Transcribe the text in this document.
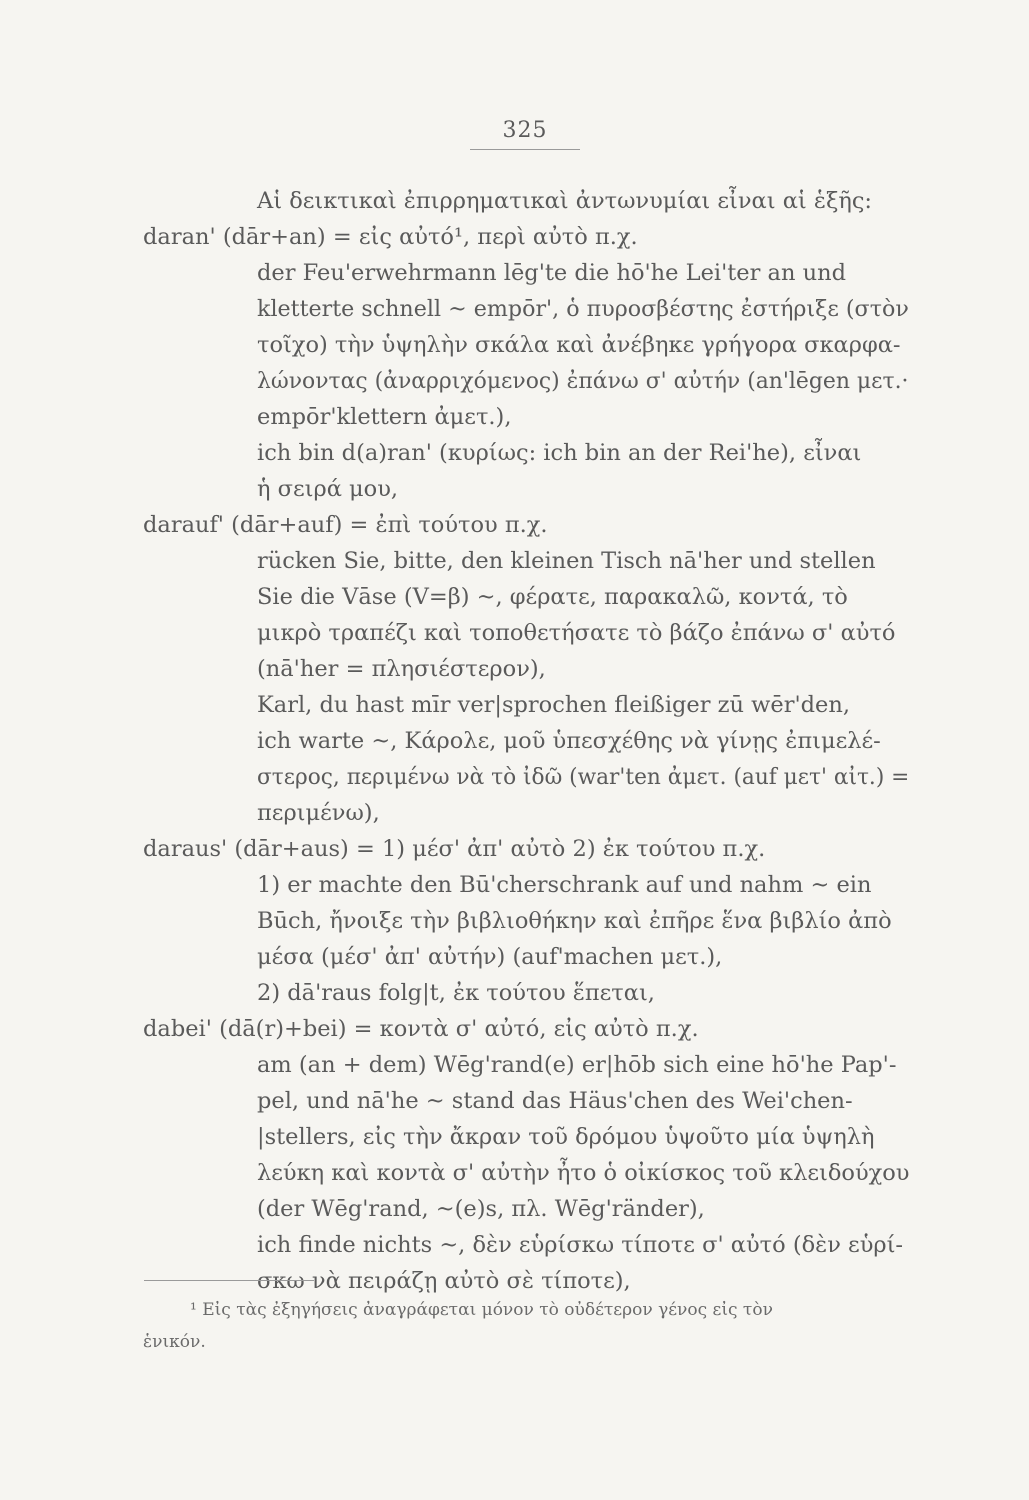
325
Αἱ δεικτικαὶ ἐπιρρηματικαὶ ἀντωνυμίαι εἶναι αἱ ἑξῆς:
daran' (dār+an) = εἰς αὐτό¹, περὶ αὐτὸ π.χ.
der Feu'erwehrmann lēg'te die hō'he Lei'ter an und
kletterte schnell ~ empōr', ὁ πυροσβέστης ἐστήριξε (στὸν
τοῖχο) τὴν ὑψηλὴν σκάλα καὶ ἀνέβηκε γρήγορα σκαρφα-
λώνοντας (ἀναρριχόμενος) ἐπάνω σ' αὐτήν (an'lēgen μετ.·
empōr'klettern ἀμετ.),
ich bin d(a)ran' (κυρίως: ich bin an der Rei'he), εἶναι
ἡ σειρά μου,
darauf' (dār+auf) = ἐπὶ τούτου π.χ.
rücken Sie, bitte, den kleinen Tisch nā'her und stellen
Sie die Vāse (V=β) ~, φέρατε, παρακαλῶ, κοντά, τὸ
μικρὸ τραπέζι καὶ τοποθετήσατε τὸ βάζο ἐπάνω σ' αὐτό
(nā'her = πλησιέστερον),
Karl, du hast mīr ver|sprochen fleißiger zū wēr'den,
ich warte ~, Κάρολε, μοῦ ὑπεσχέθης νὰ γίνῃς ἐπιμελέ-
στερος, περιμένω νὰ τὸ ἰδῶ (war'ten ἀμετ. (auf μετ' αἰτ.) =
περιμένω),
daraus' (dār+aus) = 1) μέσ' ἀπ' αὐτὸ 2) ἐκ τούτου π.χ.
1) er machte den Bū'cherschrank auf und nahm ~ ein
Būch, ἤνοιξε τὴν βιβλιοθήκην καὶ ἐπῆρε ἕνα βιβλίο ἀπὸ
μέσα (μέσ' ἀπ' αὐτήν) (auf'machen μετ.),
2) dā'raus folg|t, ἐκ τούτου ἕπεται,
dabei' (dā(r)+bei) = κοντὰ σ' αὐτό, εἰς αὐτὸ π.χ.
am (an + dem) Wēg'rand(e) er|hōb sich eine hō'he Pap'-
pel, und nā'he ~ stand das Häus'chen des Wei'chen-
|stellers, εἰς τὴν ἄκραν τοῦ δρόμου ὑψοῦτο μία ὑψηλὴ
λεύκη καὶ κοντὰ σ' αὐτὴν ἦτο ὁ οἰκίσκος τοῦ κλειδούχου
(der Wēg'rand, ~(e)s, πλ. Wēg'ränder),
ich finde nichts ~, δὲν εὑρίσκω τίποτε σ' αὐτό (δὲν εὑρί-
σκω νὰ πειράζῃ αὐτὸ σὲ τίποτε),
¹ Εἰς τὰς ἐξηγήσεις ἀναγράφεται μόνον τὸ οὐδέτερον γένος εἰς τὸν
ἑνικόν.
